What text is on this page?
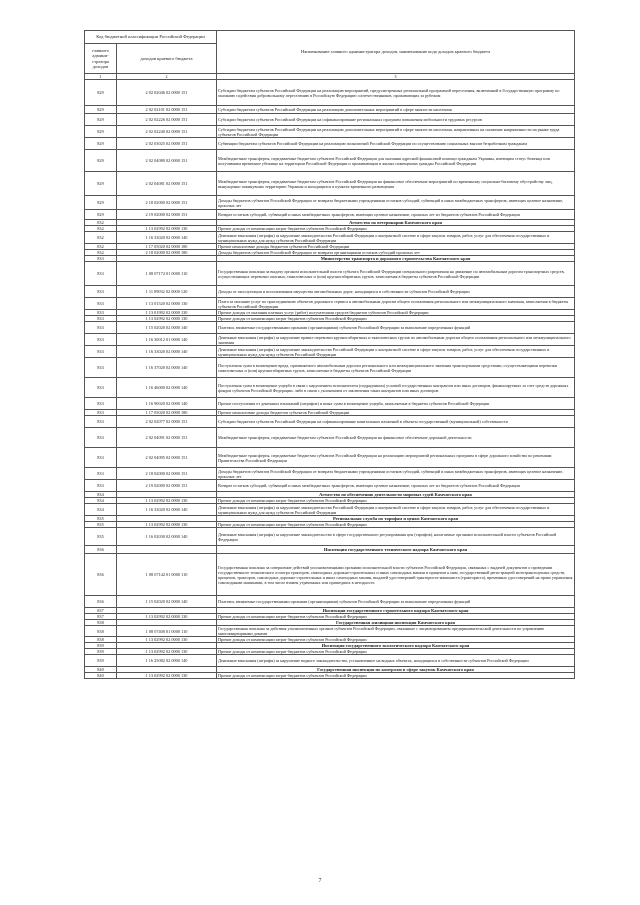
Код бюджетной классификации Российской Федерации		Наименование главного администратора доходов, наименование кода доходов краевого бюджета
главного админи-стратора доходов	доходов краевого бюджета	
1	2	3
829	2 02 02046 02 0000 151	Субсидии бюджетам субъектов Российской Федерации на реализацию мероприятий, предусмотренных региональной программой переселения, включенной в Государственную программу по оказанию содействия добровольному переселению в Российскую Федерацию соотечественников, проживающих за рубежом
829	2 02 02101 02 0000 151	Субсидии бюджетам субъектов Российской Федерации на реализацию дополнительных мероприятий в сфере занятости населения
829	2 02 02226 02 0000 151	Субсидии бюджетам субъектов Российской Федерации на софинансирование региональных программ повышения мобильности трудовых ресурсов
829	2 02 02240 02 0000 151	Субсидии бюджетам субъектов Российской Федерации на реализацию дополнительных мероприятий в сфере занятости населения, направленных на снижение напряженности на рынке труда субъектов Российской Федерации
829	2 02 03025 02 0000 151	Субвенции бюджетам субъектов Российской Федерации на реализацию полномочий Российской Федерации по осуществлению социальных выплат безработным гражданам
829	2 02 04080 02 0000 151	Межбюджетные трансферты, передаваемые бюджетам субъектов Российской Федерации для оказания адресной финансовой помощи гражданам Украины, имеющим статус беженца или получившим временное убежище на территории Российской Федерации и проживающим в жилых помещениях граждан Российской Федерации
829	2 02 04081 02 0000 151	Межбюджетные трансферты, передаваемые бюджетам субъектов Российской Федерации на финансовое обеспечение мероприятий по временному социально-бытовому обустройству лиц, вынужденно покинувших территорию Украины и находящихся в пунктах временного размещения
829	2 18 02000 02 0000 151	Доходы бюджетов субъектов Российской Федерации от возврата бюджетными учреждениями остатков субсидий, субвенций и иных межбюджетных трансфертов, имеющих целевое назначение, прошлых лет
829	2 19 02000 02 0000 151	Возврат остатков субсидий, субвенций и иных межбюджетных трансфертов, имеющих целевое назначение, прошлых лет из бюджетов субъектов Российской Федерации
832		Агентство по ветеринарии Камчатского края
832	1 13 02992 02 0000 130	Прочие доходы от компенсации затрат бюджетов субъектов Российской Федерации
832	1 16 33020 02 0000 140	Денежные взыскания (штрафы) за нарушение законодательства Российской Федерации о контрактной системе в сфере закупок товаров, работ, услуг для обеспечения государственных и муниципальных нужд для нужд субъектов Российской Федерации
832	1 17 05020 02 0000 180	Прочие неналоговые доходы бюджетов субъектов Российской Федерации
832	2 18 02000 02 0000 180	Доходы бюджетов субъектов Российской Федерации от возврата организациями остатков субсидий прошлых лет
833		Министерство транспорта и дорожного строительства Камчатского края
833	1 08 07172 01 0000 110	Государственная пошлина за выдачу органом исполнительной власти субъекта Российской Федерации специального разрешения на движение по автомобильным дорогам транспортных средств, осуществляющих перевозки опасных, тяжеловесных и (или) крупногабаритных грузов, зачисляемая в бюджеты субъектов Российской Федерации
833	1 11 09032 02 0000 120	Доходы от эксплуатации и использования имущества автомобильных дорог, находящихся в собственности субъектов Российской Федерации
833	1 13 01520 02 0000 130	Плата за оказание услуг по присоединению объектов дорожного сервиса к автомобильным дорогам общего пользования регионального или межмуниципального значения, зачисляемая в бюджеты субъектов Российской Федерации
833	1 13 01992 02 0000 130	Прочие доходы от оказания платных услуг (работ) получателями средств бюджетов субъектов Российской Федерации
833	1 13 02992 02 0000 130	Прочие доходы от компенсации затрат бюджетов субъектов Российской Федерации
833	1 15 02020 02 0000 140	Платежи, взимаемые государственными органами (организациями) субъектов Российской Федерации за выполнение определенных функций
833	1 16 30012 01 0000 140	Денежные взыскания (штрафы) за нарушение правил перевозки крупногабаритных и тяжеловесных грузов по автомобильным дорогам общего пользования регионального или межмуниципального значения
833	1 16 33020 02 0000 140	Денежные взыскания (штрафы) за нарушение законодательства Российской Федерации о контрактной системе в сфере закупок товаров, работ, услуг для обеспечения государственных и муниципальных нужд для нужд субъектов Российской Федерации
833	1 16 37020 02 0000 140	Поступления сумм в возмещение вреда, причиняемого автомобильным дорогам регионального или межмуниципального значения транспортными средствами, осуществляющими перевозки тяжеловесных и (или) крупногабаритных грузов, зачисляемые в бюджеты субъектов Российской Федерации
833	1 16 46000 02 0000 140	Поступления сумм в возмещение ущерба в связи с нарушением исполнителем (подрядчиком) условий государственных контрактов или иных договоров, финансируемых за счет средств дорожных фондов субъектов Российской Федерации, либо в связи с уклонением от заключения таких контрактов или иных договоров
833	1 16 90020 02 0000 140	Прочие поступления от денежных взысканий (штрафов) и иных сумм в возмещение ущерба, зачисляемые в бюджеты субъектов Российской Федерации
833	1 17 05020 02 0000 180	Прочие неналоговые доходы бюджетов субъектов Российской Федерации
833	2 02 02077 02 0000 151	Субсидии бюджетам субъектов Российской Федерации на софинансирование капитальных вложений в объекты государственной (муниципальной) собственности
833	2 02 04091 02 0000 151	Межбюджетные трансферты, передаваемые бюджетам субъектов Российской Федерации на финансовое обеспечение дорожной деятельности
833	2 02 04095 02 0000 151	Межбюджетные трансферты, передаваемые бюджетам субъектов Российской Федерации на реализацию мероприятий региональных программ в сфере дорожного хозяйства по решениям Правительства Российской Федерации
833	2 18 02000 02 0000 151	Доходы бюджетов субъектов Российской Федерации от возврата бюджетными учреждениями остатков субсидий, субвенций и иных межбюджетных трансфертов, имеющих целевое назначение, прошлых лет
833	2 19 02000 02 0000 151	Возврат остатков субсидий, субвенций и иных межбюджетных трансфертов, имеющих целевое назначение, прошлых лет из бюджетов субъектов Российской Федерации
834		Агентство по обеспечению деятельности мировых судей Камчатского края
834	1 13 02992 02 0000 130	Прочие доходы от компенсации затрат бюджетов субъектов Российской Федерации
834	1 16 33020 02 0000 140	Денежные взыскания (штрафы) за нарушение законодательства Российской Федерации о контрактной системе в сфере закупок товаров, работ, услуг для обеспечения государственных и муниципальных нужд для нужд субъектов Российской Федерации
835		Региональная служба по тарифам и ценам Камчатского края
835	1 13 02992 02 0000 130	Прочие доходы от компенсации затрат бюджетов субъектов Российской Федерации
835	1 16 02030 02 0000 140	Денежные взыскания (штрафы) за нарушение законодательства в сфере государственного регулирования цен (тарифов), налагаемые органами исполнительной власти субъектов Российской Федерации
836		Инспекция государственного технического надзора Камчатского края
836	1 08 07142 01 0000 110	Государственная пошлина за совершение действий уполномоченными органами исполнительной власти субъектов Российской Федерации, связанных с выдачей документов о проведении государственного технического осмотра тракторов, самоходных дорожно-строительных и иных самоходных машин и прицепов к ним, государственной регистрацией мототранспортных средств, прицепов, тракторов, самоходных дорожно-строительных и иных самоходных машин, выдачей удостоверений тракториста-машиниста (тракториста), временных удостоверений на право управления самоходными машинами, в том числе взамен утраченных или пришедших в негодность
836	1 15 02020 02 0000 140	Платежи, взимаемые государственными органами (организациями) субъектов Российской Федерации за выполнение определенных функций
837		Инспекция государственного строительного надзора Камчатского края
837	1 13 02992 02 0000 130	Прочие доходы от компенсации затрат бюджетов субъектов Российской Федерации
838		Государственная жилищная инспекция Камчатского края
838	1 08 07400 01 0000 110	Государственная пошлина за действия уполномоченных органов субъектов Российской Федерации, связанные с лицензированием предпринимательской деятельности по управлению многоквартирными домами
838	1 13 02992 02 0000 130	Прочие доходы от компенсации затрат бюджетов субъектов Российской Федерации
839		Инспекция государственного экологического надзора Камчатского края
839	1 13 02992 02 0000 130	Прочие доходы от компенсации затрат бюджетов субъектов Российской Федерации
839	1 16 25082 02 0000 140	Денежные взыскания (штрафы) за нарушение водного законодательства, установленное на водных объектах, находящихся в собственности субъектов Российской Федерации
840		Государственная инспекция по контролю в сфере закупок Камчатского края
840	1 13 02992 02 0000 130	Прочие доходы от компенсации затрат бюджетов субъектов Российской Федерации
7
